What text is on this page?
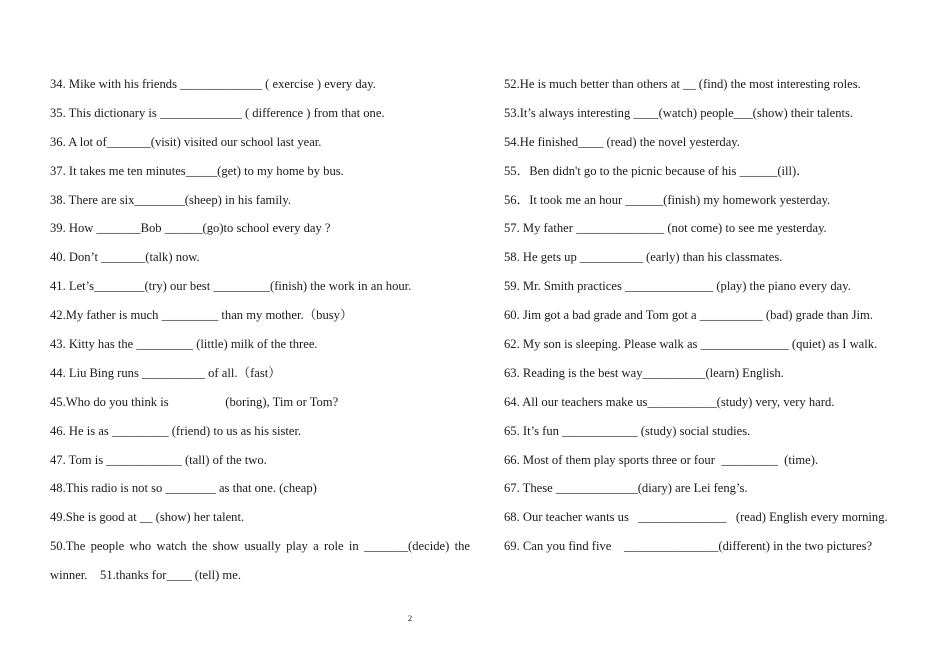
34. Mike with his friends _____________ ( exercise ) every day.
35. This dictionary is _____________ ( difference ) from that one.
36. A lot of_______(visit) visited our school last year.
37. It takes me ten minutes_____(get) to my home by bus.
38. There are six________(sheep) in his family.
39. How _______Bob ______(go)to school every day ?
40. Don’t _______(talk) now.
41. Let’s________(try) our best _________(finish) the work in an hour.
42.My father is much _________ than my mother.（busy）
43. Kitty has the _________ (little) milk of the three.
44. Liu Bing runs __________ of all.（fast）
45.Who do you think is                  (boring), Tim or Tom?
46. He is as _________ (friend) to us as his sister.
47. Tom is ____________ (tall) of the two.
48.This radio is not so ________ as that one. (cheap)
49.She is good at __ (show) her talent.
50.The people who watch the show usually play a role in _______(decide) the
winner.    51.thanks for____ (tell) me.
52.He is much better than others at __ (find) the most interesting roles.
53.It’s always interesting ____(watch) people___(show) their talents.
54.He finished____ (read) the novel yesterday.
55．Ben didn't go to the picnic because of his ______(ill)．
56．It took me an hour ______(finish) my homework yesterday.
57. My father ______________ (not come) to see me yesterday.
58. He gets up __________ (early) than his classmates.
59. Mr. Smith practices ______________ (play) the piano every day.
60. Jim got a bad grade and Tom got a __________ (bad) grade than Jim.
62. My son is sleeping. Please walk as ______________ (quiet) as I walk.
63. Reading is the best way__________(learn) English.
64. All our teachers make us___________(study) very, very hard.
65. It’s fun ____________ (study) social studies.
66. Most of them play sports three or four  _________  (time).
67. These _____________(diary) are Lei feng’s.
68. Our teacher wants us   ______________   (read) English every morning.
69. Can you find five    _______________(different) in the two pictures?
2
